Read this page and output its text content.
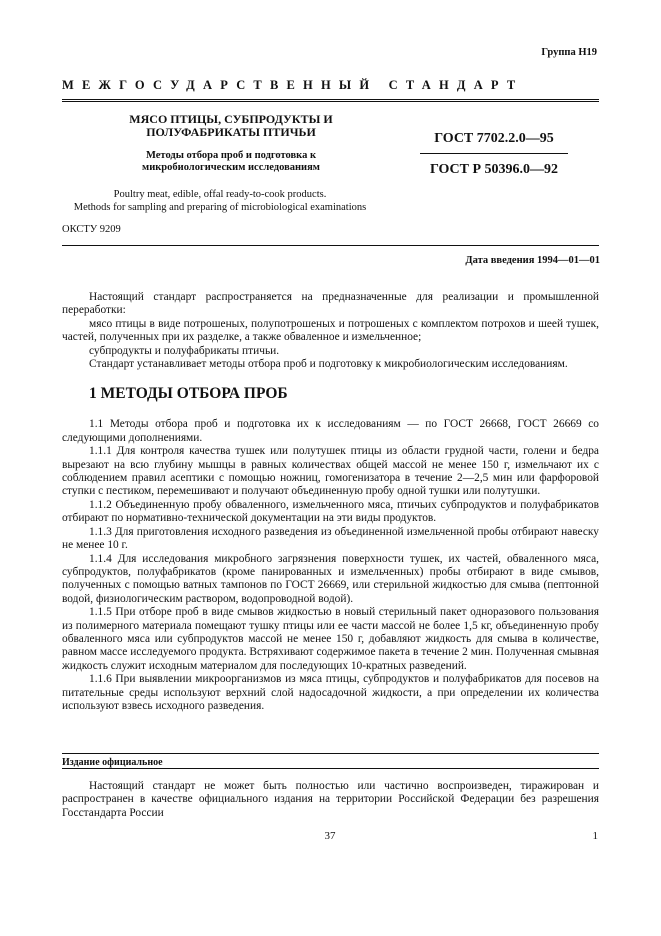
Группа Н19
МЕЖГОСУДАРСТВЕННЫЙ СТАНДАРТ
МЯСО ПТИЦЫ, СУБПРОДУКТЫ И ПОЛУФАБРИКАТЫ ПТИЧЬИ
Методы отбора проб и подготовка к микробиологическим исследованиям
Poultry meat, edible, offal ready-to-cook products.
Methods for sampling and preparing of microbiological examinations
ГОСТ 7702.2.0—95
ГОСТ Р 50396.0—92
ОКСТУ 9209
Дата введения 1994—01—01

Настоящий стандарт распространяется на предназначенные для реализации и промышленной переработки:

мясо птицы в виде потрошеных, полупотрошеных и потрошеных с комплектом потрохов и шеей тушек, частей, полученных при их разделке, а также обваленное и измельченное;

субпродукты и полуфабрикаты птичьи.

Стандарт устанавливает методы отбора проб и подготовку к микробиологическим исследованиям.

1 МЕТОДЫ ОТБОРА ПРОБ

1.1 Методы отбора проб и подготовка их к исследованиям — по ГОСТ 26668, ГОСТ 26669 со следующими дополнениями.

1.1.1 Для контроля качества тушек или полутушек птицы из области грудной части, голени и бедра вырезают на всю глубину мышцы в равных количествах общей массой не менее 150 г, измельчают их с соблюдением правил асептики с помощью ножниц, гомогенизатора в течение 2—2,5 мин или фарфоровой ступки с пестиком, перемешивают и получают объединенную пробу одной тушки или полутушки.

1.1.2 Объединенную пробу обваленного, измельченного мяса, птичьих субпродуктов и полуфабрикатов отбирают по нормативно-технической документации на эти виды продуктов.

1.1.3 Для приготовления исходного разведения из объединенной измельченной пробы отбирают навеску не менее 10 г.

1.1.4 Для исследования микробного загрязнения поверхности тушек, их частей, обваленного мяса, субпродуктов, полуфабрикатов (кроме панированных и измельченных) пробы отбирают в виде смывов, полученных с помощью ватных тампонов по ГОСТ 26669, или стерильной жидкостью для смыва (пептонной водой, физиологическим раствором, водопроводной водой).

1.1.5 При отборе проб в виде смывов жидкостью в новый стерильный пакет одноразового пользования из полимерного материала помещают тушку птицы или ее части массой не более 1,5 кг, объединенную пробу обваленного мяса или субпродуктов массой не менее 150 г, добавляют жидкость для смыва в количестве, равном массе исследуемого продукта. Встряхивают содержимое пакета в течение 2 мин. Полученная смывная жидкость служит исходным материалом для последующих 10-кратных разведений.

1.1.6 При выявлении микроорганизмов из мяса птицы, субпродуктов и полуфабрикатов для посевов на питательные среды используют верхний слой надосадочной жидкости, а при определении их количества используют взвесь исходного разведения.

Издание официальное

Настоящий стандарт не может быть полностью или частично воспроизведен, тиражирован и распространен в качестве официального издания на территории Российской Федерации без разрешения Госстандарта России

37	1
